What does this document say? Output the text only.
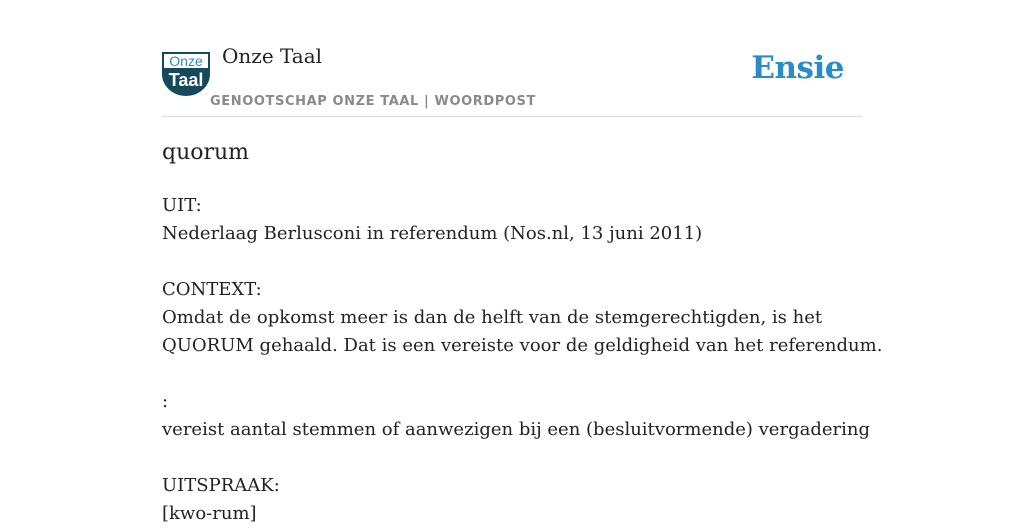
Onze
Taal
Onze Taal
GENOOTSCHAP ONZE TAAL | WOORDPOST
Ensie
quorum
UIT:
Nederlaag Berlusconi in referendum (Nos.nl, 13 juni 2011)
CONTEXT:
Omdat de opkomst meer is dan de helft van de stemgerechtigden, is het
QUORUM gehaald. Dat is een vereiste voor de geldigheid van het referendum.
:
vereist aantal stemmen of aanwezigen bij een (besluitvormende) vergadering
UITSPRAAK:
[kwo-rum]
